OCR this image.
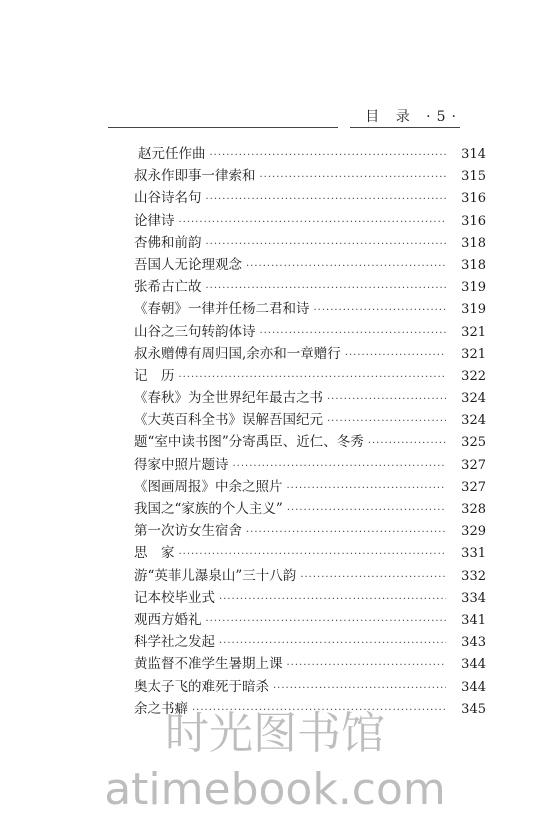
目 录 ·5·
赵元任作曲 ·····	314
叔永作即事一律索和 ·····	315
山谷诗名句 ·····	316
论律诗 ·····	316
杏佛和前韵 ·····	318
吾国人无论理观念 ·····	318
张希古亡故 ·····	319
《春朝》一律并任杨二君和诗 ·····	319
山谷之三句转韵体诗 ·····	321
叔永赠傅有周归国,余亦和一章赠行 ·····	321
记　历 ·····	322
《春秋》为全世界纪年最古之书 ·····	324
《大英百科全书》误解吾国纪元 ·····	324
题“室中读书图”分寄禹臣、近仁、冬秀 ·····	325
得家中照片题诗 ·····	327
《图画周报》中余之照片 ·····	327
我国之“家族的个人主义” ·····	328
第一次访女生宿舍 ·····	329
思　家 ·····	331
游“英菲儿瀑泉山”三十八韵 ·····	332
记本校毕业式 ·····	334
观西方婚礼 ·····	341
科学社之发起 ·····	343
黄监督不准学生暑期上课 ·····	344
奥太子飞的难死于暗杀 ·····	344
余之书癖 ·····	345
时光图书馆atimebook.com
